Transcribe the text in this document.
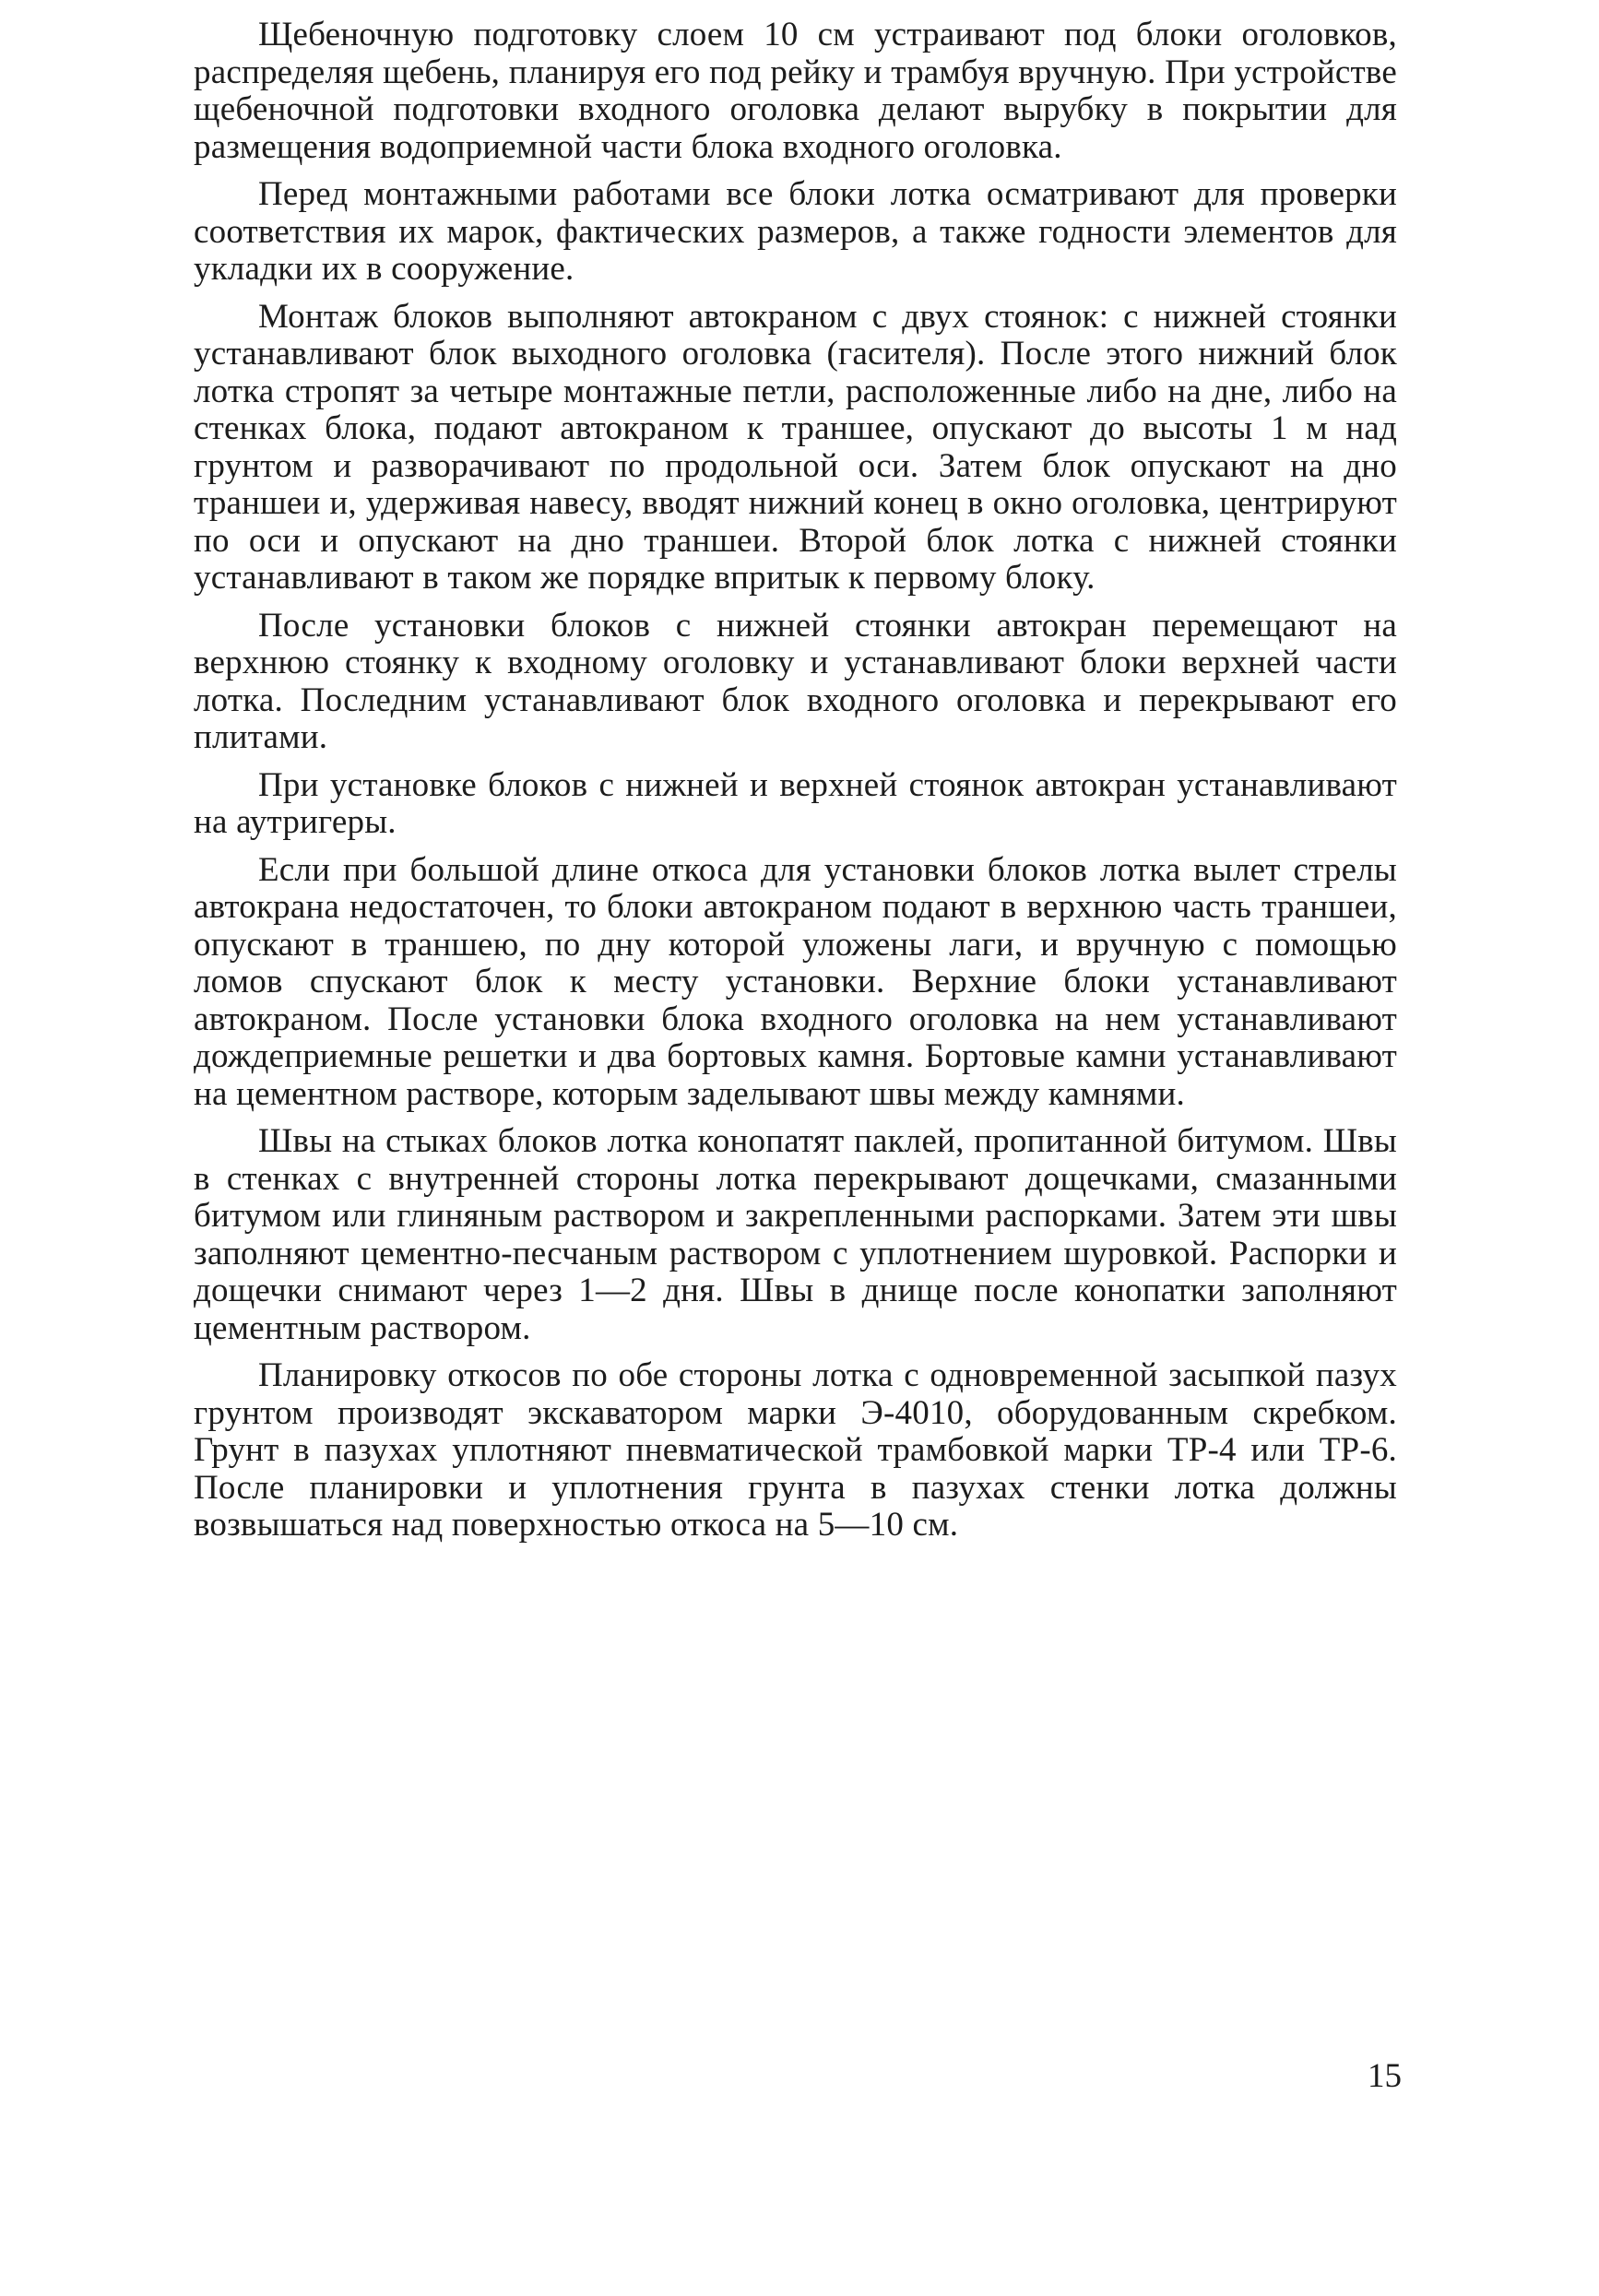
Щебеночную подготовку слоем 10 см устраивают под блоки оголовков, распределяя щебень, планируя его под рейку и трамбуя вручную. При устройстве щебеночной подготовки входного оголовка делают вырубку в покрытии для размещения водоприемной части блока входного оголовка.

Перед монтажными работами все блоки лотка осматривают для проверки соответствия их марок, фактических размеров, а также годности элементов для укладки их в сооружение.

Монтаж блоков выполняют автокраном с двух стоянок: с нижней стоянки устанавливают блок выходного оголовка (гасителя). После этого нижний блок лотка стропят за четыре монтажные петли, расположенные либо на дне, либо на стенках блока, подают автокраном к траншее, опускают до высоты 1 м над грунтом и разворачивают по продольной оси. Затем блок опускают на дно траншеи и, удерживая навесу, вводят нижний конец в окно оголовка, центрируют по оси и опускают на дно траншеи. Второй блок лотка с нижней стоянки устанавливают в таком же порядке впритык к первому блоку.

После установки блоков с нижней стоянки автокран перемещают на верхнюю стоянку к входному оголовку и устанавливают блоки верхней части лотка. Последним устанавливают блок входного оголовка и перекрывают его плитами.

При установке блоков с нижней и верхней стоянок автокран устанавливают на аутригеры.

Если при большой длине откоса для установки блоков лотка вылет стрелы автокрана недостаточен, то блоки автокраном подают в верхнюю часть траншеи, опускают в траншею, по дну которой уложены лаги, и вручную с помощью ломов спускают блок к месту установки. Верхние блоки устанавливают автокраном. После установки блока входного оголовка на нем устанавливают дождеприемные решетки и два бортовых камня. Бортовые камни устанавливают на цементном растворе, которым заделывают швы между камнями.

Швы на стыках блоков лотка конопатят паклей, пропитанной битумом. Швы в стенках с внутренней стороны лотка перекрывают дощечками, смазанными битумом или глиняным раствором и закрепленными распорками. Затем эти швы заполняют цементно-песчаным раствором с уплотнением шуровкой. Распорки и дощечки снимают через 1—2 дня. Швы в днище после конопатки заполняют цементным раствором.

Планировку откосов по обе стороны лотка с одновременной засыпкой пазух грунтом производят экскаватором марки Э-4010, оборудованным скребком. Грунт в пазухах уплотняют пневматической трамбовкой марки ТР-4 или ТР-6. После планировки и уплотнения грунта в пазухах стенки лотка должны возвышаться над поверхностью откоса на 5—10 см.

15
